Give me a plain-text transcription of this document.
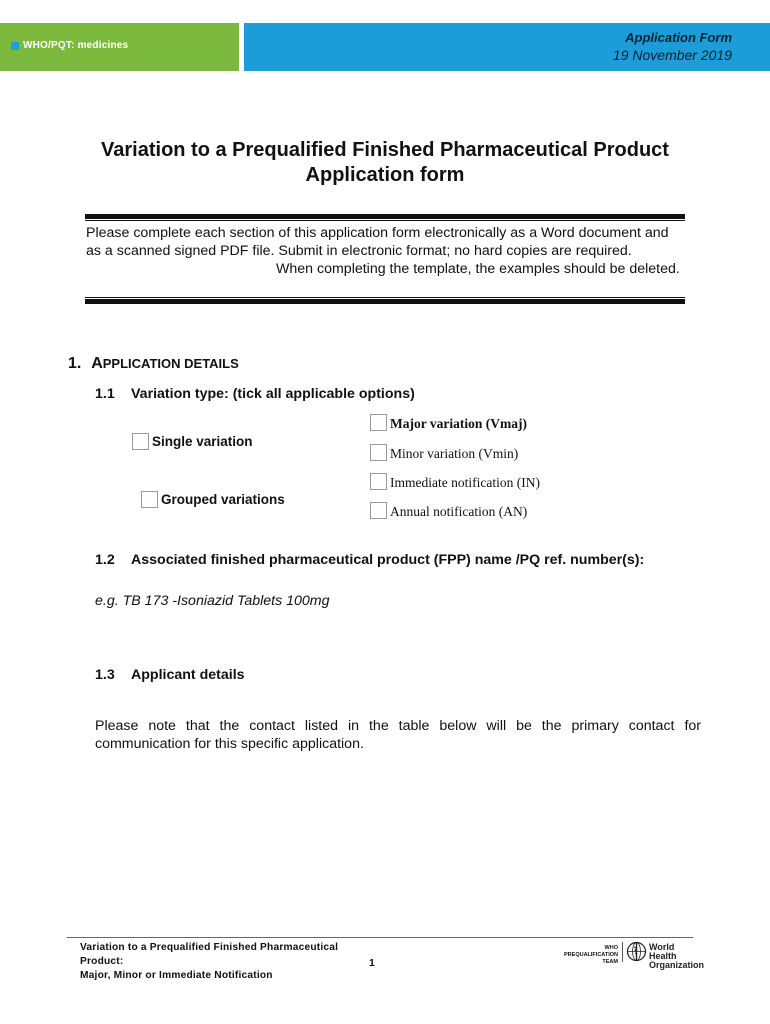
WHO/PQT: medicines
Application Form
19 November 2019
Variation to a Prequalified Finished Pharmaceutical Product
Application form
Please complete each section of this application form electronically as a Word document and as a scanned signed PDF file. Submit in electronic format; no hard copies are required.When completing the template, the examples should be deleted.
1. APPLICATION DETAILS
1.1 Variation type: (tick all applicable options)
Single variation
Grouped variations
Major variation (Vmaj)
Minor variation (Vmin)
Immediate notification (IN)
Annual notification (AN)
1.2 Associated finished pharmaceutical product (FPP) name /PQ ref. number(s):
e.g. TB 173 -Isoniazid Tablets 100mg
1.3 Applicant details
Please note that the contact listed in the table below will be the primary contact for communication for this specific application.
Variation to a Prequalified Finished Pharmaceutical
Product:
Major, Minor or Immediate Notification
1
WHO PREQUALIFICATION
TEAM
World Health
Organization
